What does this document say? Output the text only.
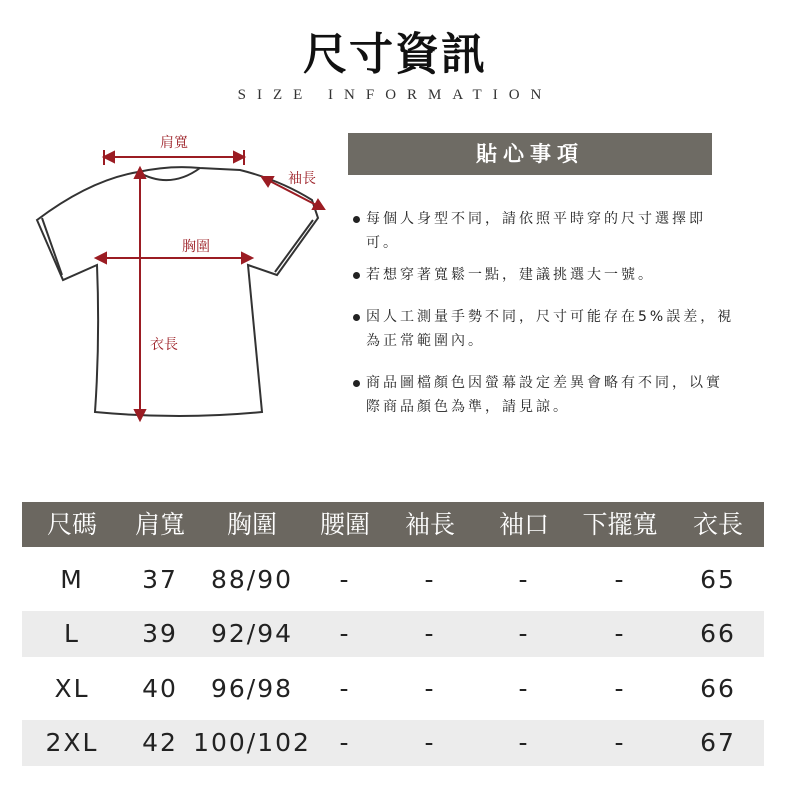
尺寸資訊
SIZE INFORMATION
肩寬
袖長
胸圍
衣長
貼心事項
每個人身型不同，請依照平時穿的尺寸選擇即可。
若想穿著寬鬆一點，建議挑選大一號。
因人工測量手勢不同，尺寸可能存在5%誤差，視為正常範圍內。
商品圖檔顏色因螢幕設定差異會略有不同，以實際商品顏色為準，請見諒。
尺碼 肩寬 胸圍 腰圍 袖長 袖口 下擺寬 衣長
M 37 88/90 -	-	-	-	65
L 39 92/94 -	-	-	-	66
XL 40 96/98 -	-	-	-	66
2XL 42 100/102 -	-	-	-	67
